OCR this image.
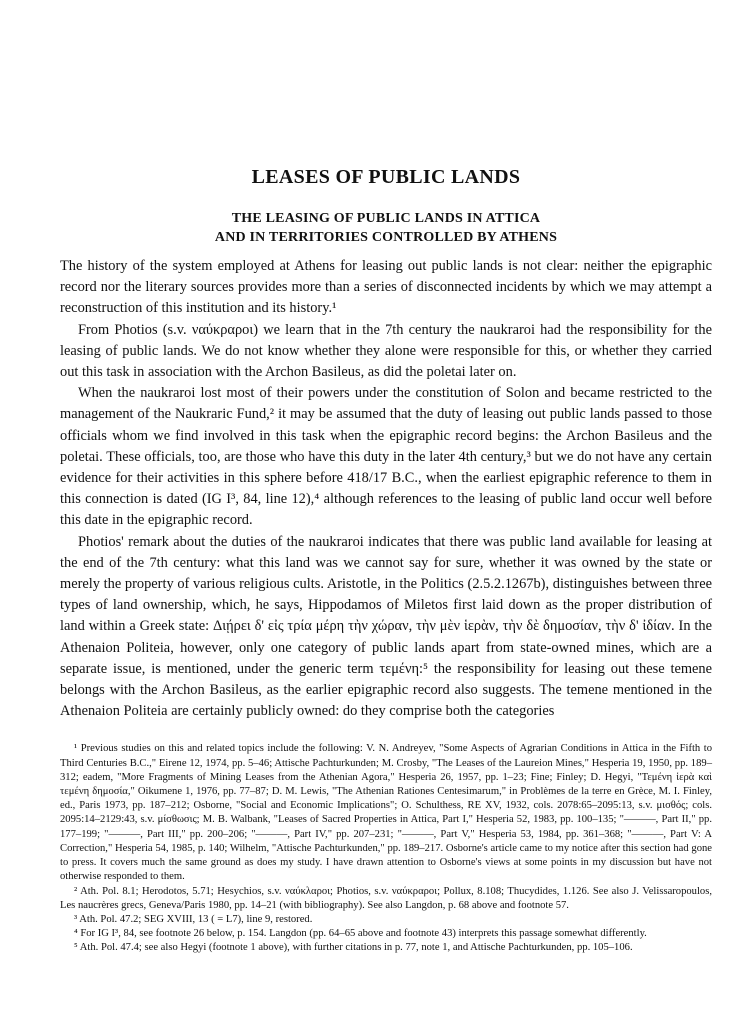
LEASES OF PUBLIC LANDS
THE LEASING OF PUBLIC LANDS IN ATTICA
AND IN TERRITORIES CONTROLLED BY ATHENS

The history of the system employed at Athens for leasing out public lands is not clear: neither the epigraphic record nor the literary sources provides more than a series of disconnected incidents by which we may attempt a reconstruction of this institution and its history.¹

From Photios (s.v. ναύκραροι) we learn that in the 7th century the naukraroi had the responsibility for the leasing of public lands. We do not know whether they alone were responsible for this, or whether they carried out this task in association with the Archon Basileus, as did the poletai later on.

When the naukraroi lost most of their powers under the constitution of Solon and became restricted to the management of the Naukraric Fund,² it may be assumed that the duty of leasing out public lands passed to those officials whom we find involved in this task when the epigraphic record begins: the Archon Basileus and the poletai. These officials, too, are those who have this duty in the later 4th century,³ but we do not have any certain evidence for their activities in this sphere before 418/17 B.C., when the earliest epigraphic reference to them in this connection is dated (IG I³, 84, line 12),⁴ although references to the leasing of public land occur well before this date in the epigraphic record.

Photios' remark about the duties of the naukraroi indicates that there was public land available for leasing at the end of the 7th century: what this land was we cannot say for sure, whether it was owned by the state or merely the property of various religious cults. Aristotle, in the Politics (2.5.2.1267b), distinguishes between three types of land ownership, which, he says, Hippodamos of Miletos first laid down as the proper distribution of land within a Greek state: Διῄρει δ' εἰς τρία μέρη τὴν χώραν, τὴν μὲν ἱερὰν, τὴν δὲ δημοσίαν, τὴν δ' ἰδίαν. In the Athenaion Politeia, however, only one category of public lands apart from state-owned mines, which are a separate issue, is mentioned, under the generic term τεμένη:⁵ the responsibility for leasing out these temene belongs with the Archon Basileus, as the earlier epigraphic record also suggests. The temene mentioned in the Athenaion Politeia are certainly publicly owned: do they comprise both the categories

¹ Previous studies on this and related topics include the following: V. N. Andreyev, "Some Aspects of Agrarian Conditions in Attica in the Fifth to Third Centuries B.C.," Eirene 12, 1974, pp. 5–46; Attische Pachturkunden; M. Crosby, "The Leases of the Laureion Mines," Hesperia 19, 1950, pp. 189–312; eadem, "More Fragments of Mining Leases from the Athenian Agora," Hesperia 26, 1957, pp. 1–23; Fine; Finley; D. Hegyi, "Τεμένη ἱερὰ καὶ τεμένη δημοσία," Oikumene 1, 1976, pp. 77–87; D. M. Lewis, "The Athenian Rationes Centesimarum," in Problèmes de la terre en Grèce, M. I. Finley, ed., Paris 1973, pp. 187–212; Osborne, "Social and Economic Implications"; O. Schulthess, RE XV, 1932, cols. 2078:65–2095:13, s.v. μισθός; cols. 2095:14–2129:43, s.v. μίσθωσις; M. B. Walbank, "Leases of Sacred Properties in Attica, Part I," Hesperia 52, 1983, pp. 100–135; "———, Part II," pp. 177–199; "———, Part III," pp. 200–206; "———, Part IV," pp. 207–231; "———, Part V," Hesperia 53, 1984, pp. 361–368; "———, Part V: A Correction," Hesperia 54, 1985, p. 140; Wilhelm, "Attische Pachturkunden," pp. 189–217. Osborne's article came to my notice after this section had gone to press. It covers much the same ground as does my study. I have drawn attention to Osborne's views at some points in my discussion but have not otherwise responded to them.

² Ath. Pol. 8.1; Herodotos, 5.71; Hesychios, s.v. ναύκλαροι; Photios, s.v. ναύκραροι; Pollux, 8.108; Thucydides, 1.126. See also J. Velissaropoulos, Les naucrères grecs, Geneva/Paris 1980, pp. 14–21 (with bibliography). See also Langdon, p. 68 above and footnote 57.

³ Ath. Pol. 47.2; SEG XVIII, 13 ( = L7), line 9, restored.

⁴ For IG I³, 84, see footnote 26 below, p. 154. Langdon (pp. 64–65 above and footnote 43) interprets this passage somewhat differently.

⁵ Ath. Pol. 47.4; see also Hegyi (footnote 1 above), with further citations in p. 77, note 1, and Attische Pachturkunden, pp. 105–106.
